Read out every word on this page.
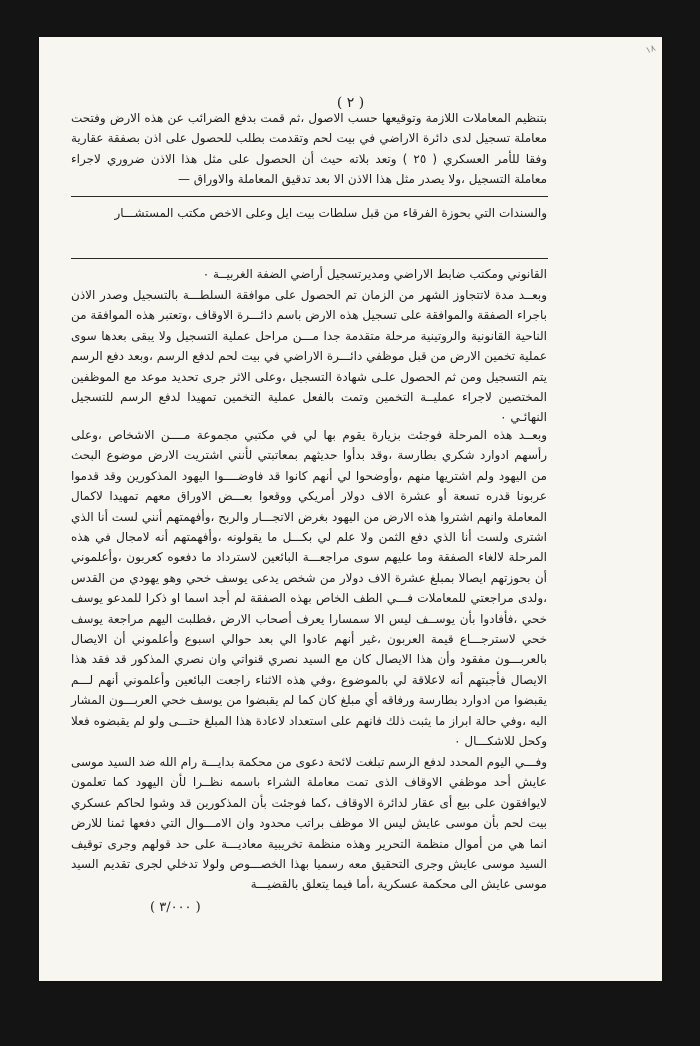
١٨
( ٢ )

بتنظيم المعاملات اللازمة وتوقيعها حسب الاصول ،ثم قمت بدفع الضرائب عن هذه الارض وفتحت معاملة تسجيل لدى دائرة الاراضي في بيت لحم وتقدمت بطلب للحصول على اذن بصفقة عقارية وفقا للأمر العسكري ( ٢٥ ) وتعد بلاته حيث أن الحصول على مثل هذا الاذن ضروري لاجراء معاملة التسجيل ،ولا يصدر مثل هذا الاذن الا بعد تدقيق المعاملة والاوراق —

والسندات التي بحوزة الفرقاء من قبل سلطات بيت ايل وعلى الاخص مكتب المستشـــار

القانوني ومكتب ضابط الاراضي ومديرتسجيل أراضي الضفة الغربيــة ٠

وبعــد مدة لاتتجاوز الشهر من الزمان تم الحصول على موافقة السلطـــة بالتسجيل وصدر الاذن باجراء الصفقة والموافقة على تسجيل هذه الارض باسم دائـــرة الاوقاف ،وتعتبر هذه الموافقة من الناحية القانونية والروتينية مرحلة متقدمة جدا مـــن مراحل عملية التسجيل ولا يبقى بعدها سوى عملية تخمين الارض من قبل موظفي دائـــرة الاراضي في بيت لحم لدفع الرسم ،وبعد دفع الرسم يتم التسجيل ومن ثم الحصول علـى شهادة التسجيل ،وعلى الاثر جرى تحديد موعد مع الموظفين المختصين لاجراء عمليــة التخمين وتمت بالفعل عملية التخمين تمهيدا لدفع الرسم للتسجيل النهائـي ٠

وبعــد هذه المرحلة فوجئت بزيارة يقوم بها لي في مكتبي مجموعة مــــن الاشخاص ،وعلى رأسهم ادوارد شكري بطارسة ،وقد بدأوا حديثهم بمعاتبتي لأنني اشتريت الارض موضوع البحث من اليهود ولم اشتريها منهم ،وأوضحوا لي أنهم كانوا قد فاوضــــوا اليهود المذكورين وقد قدموا عربونا قدره تسعة أو عشرة الاف دولار أمريكي ووقعوا بعـــض الاوراق معهم تمهيدا لاكمال المعاملة وانهم اشتروا هذه الارض من اليهود بغرض الاتجـــار والربح ،وأفهمتهم أنني لست أنا الذي اشترى ولست أنا الذي دفع الثمن ولا علم لي بكـــل ما يقولونه ،وأفهمتهم أنه لامجال في هذه المرحلة لالغاء الصفقة وما عليهم سوى مراجعـــة البائعين لاسترداد ما دفعوه كعربون ،وأعلموني أن بحوزتهم ايصالا بمبلغ عشرة الاف دولار من شخص يدعى يوسف خحي وهو يهودي من القدس ،ولدى مراجعتي للمعاملات فـــي الطف الخاص بهذه الصفقة لم أجد اسما او ذكرا للمدعو يوسف خحي ،فأفادوا بأن يوســف ليس الا سمسارا يعرف أصحاب الارض ،فطلبت اليهم مراجعة يوسف خحي لاسترجـــاع قيمة العربون ،غير أنهم عادوا الي بعد حوالي اسبوع وأعلموني أن الايصال بالعربـــون مفقود وأن هذا الايصال كان مع السيد نصري قنواتي وان نصري المذكور قد فقد هذا الايصال فأجبتهم أنه لاعلاقة لي بالموضوع ،وفي هذه الاثناء راجعت البائعين وأعلموني أنهم لـــم يقبضوا من ادوارد بطارسة ورفاقه أي مبلغ كان كما لم يقبضوا من يوسف خحي العربـــون المشار اليه ،وفي حالة ابراز ما يثبت ذلك فانهم على استعداد لاعادة هذا المبلغ حتـــى ولو لم يقبضوه فعلا وكحل للاشكـــال ٠

وفـــي اليوم المحدد لدفع الرسم تبلغت لائحة دعوى من محكمة بدايـــة رام الله ضد السيد موسى عايش أحد موظفي الاوقاف الذى تمت معاملة الشراء باسمه نظــرا لأن اليهود كما تعلمون لايوافقون على بيع أى عقار لدائرة الاوقاف ،كما فوجئت بأن المذكورين قد وشوا لحاكم عسكري بيت لحم بأن موسى عايش ليس الا موظف براتب محدود وان الامـــوال التي دفعها ثمنا للارض انما هي من أموال منظمة التحرير وهذه منظمة تخريبية معاديـــة على حد قولهم وجرى توقيف السيد موسى عايش وجرى التحقيق معه رسميا بهذا الخصـــوص ولولا تدخلي لجرى تقديم السيد موسى عايش الى محكمة عسكرية ،أما فيما يتعلق بالقضيـــة

( ٣/٠٠٠ )
